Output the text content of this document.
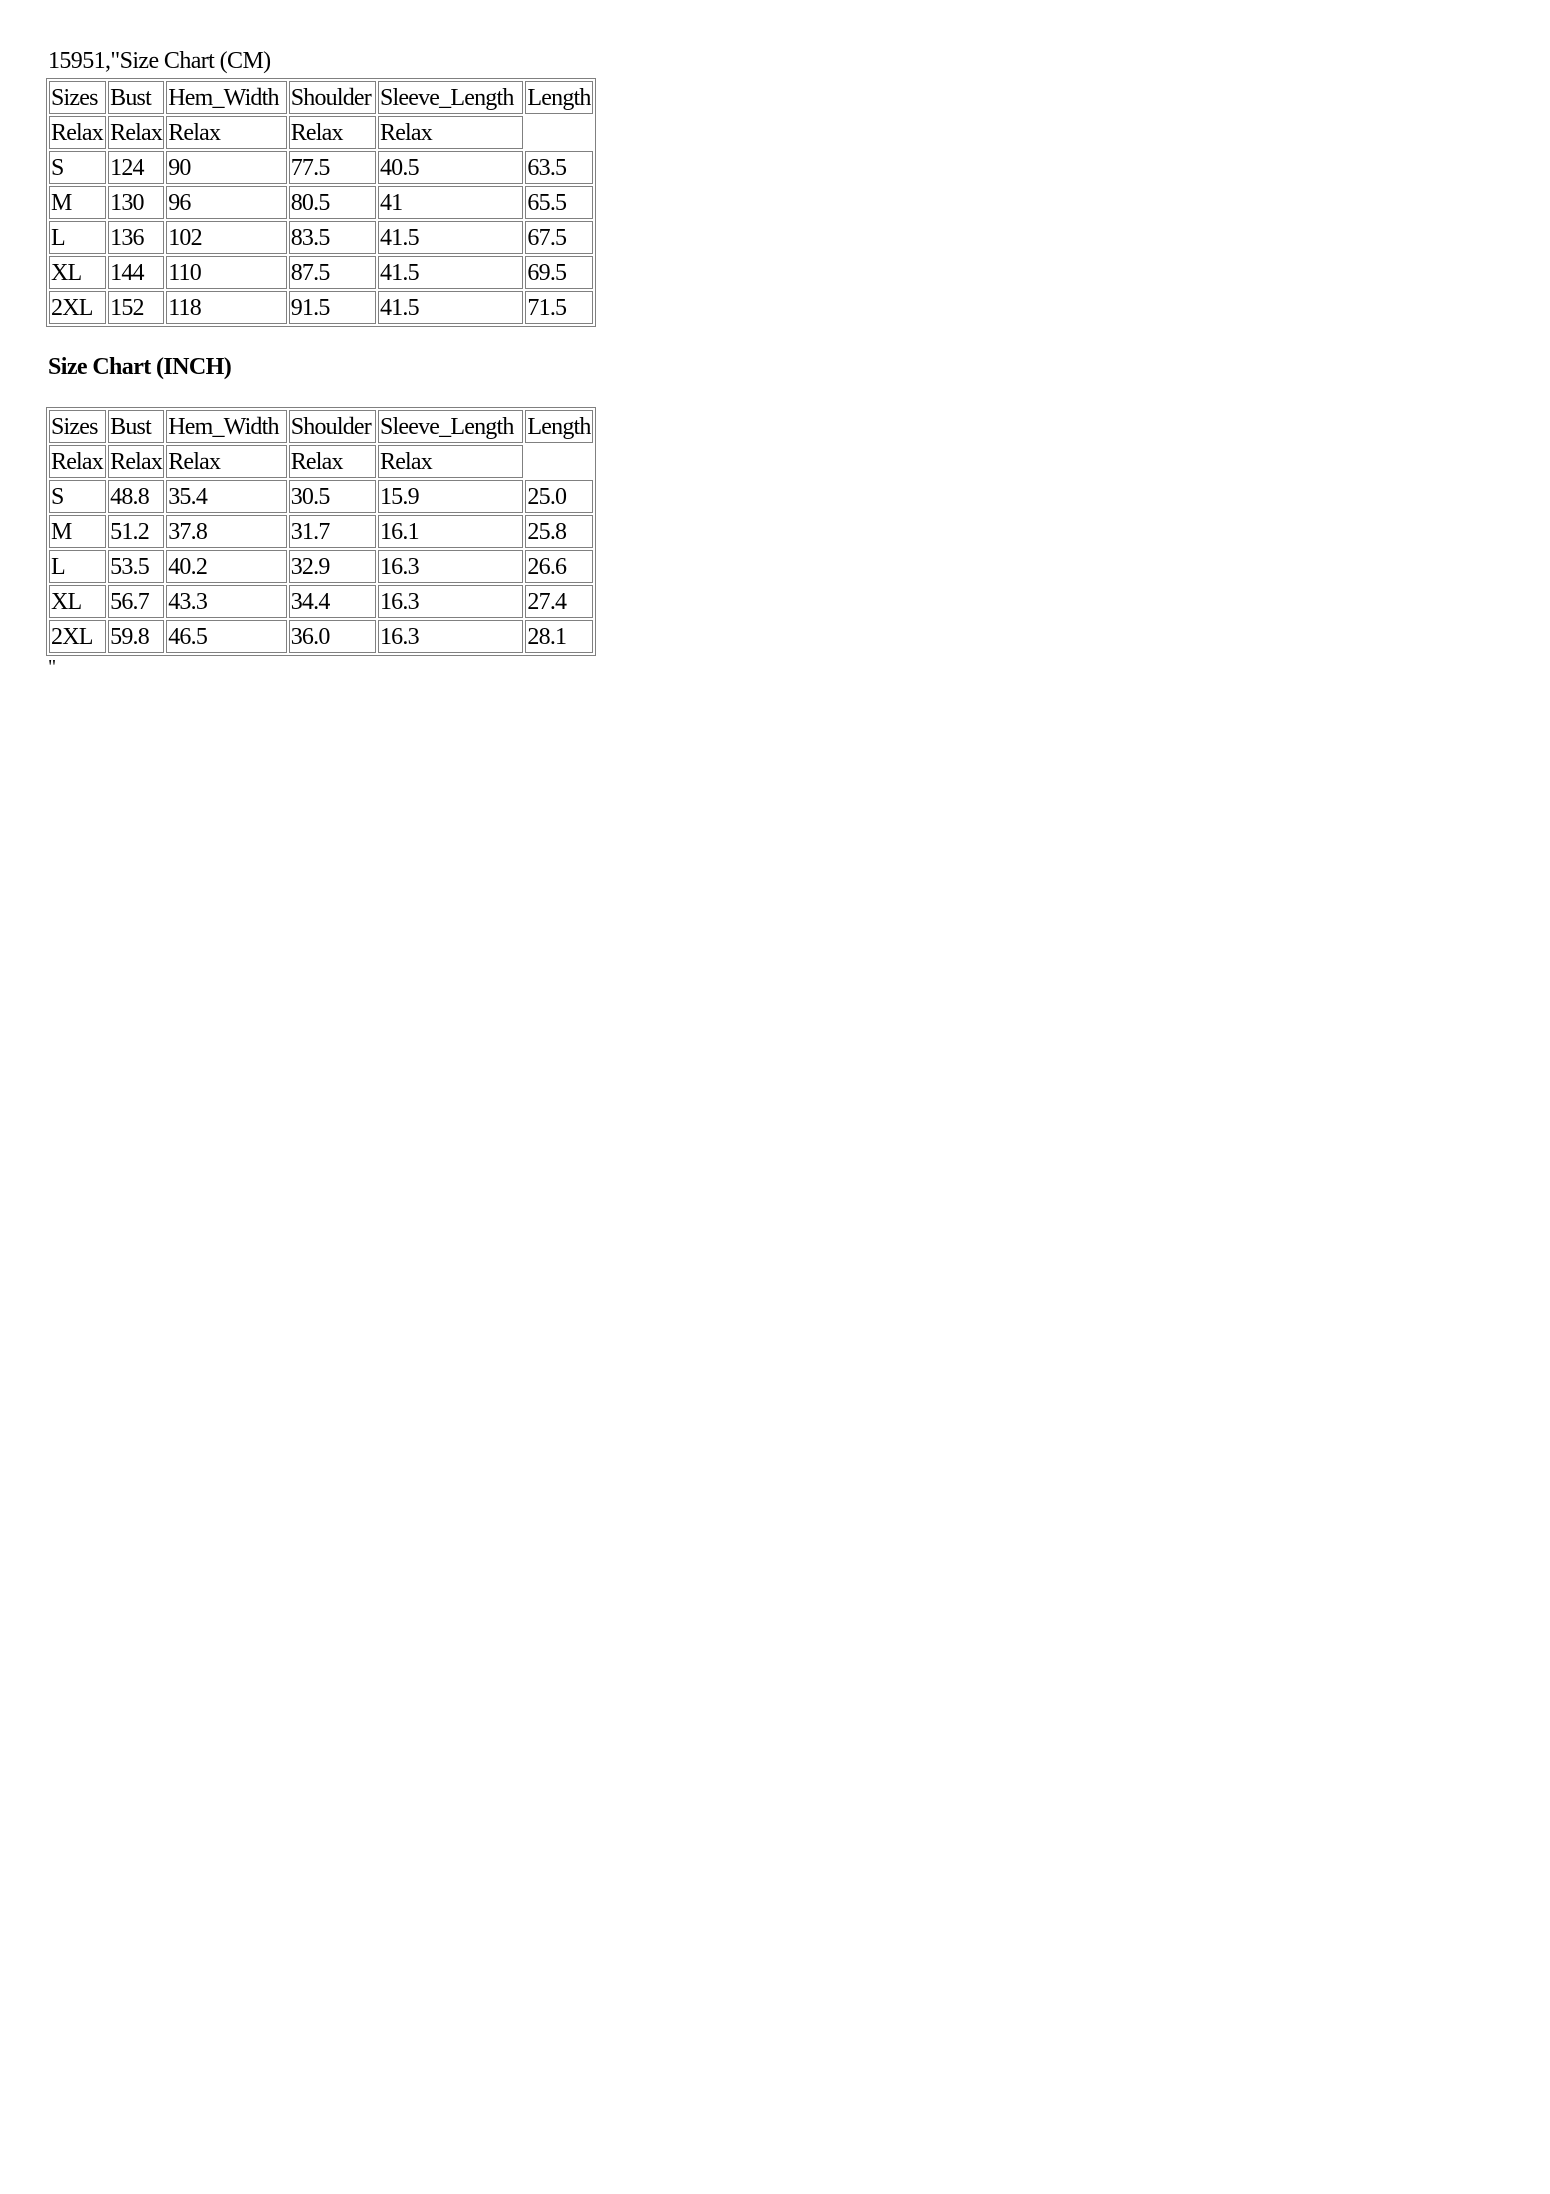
15951,"Size Chart (CM)
Sizes	Bust	Hem_Width	Shoulder	Sleeve_Length	Length
Relax	Relax	Relax	Relax	Relax	
S	124	90	77.5	40.5	63.5
M	130	96	80.5	41	65.5
L	136	102	83.5	41.5	67.5
XL	144	110	87.5	41.5	69.5
2XL	152	118	91.5	41.5	71.5
Size Chart (INCH)
Sizes	Bust	Hem_Width	Shoulder	Sleeve_Length	Length
Relax	Relax	Relax	Relax	Relax	
S	48.8	35.4	30.5	15.9	25.0
M	51.2	37.8	31.7	16.1	25.8
L	53.5	40.2	32.9	16.3	26.6
XL	56.7	43.3	34.4	16.3	27.4
2XL	59.8	46.5	36.0	16.3	28.1
"
